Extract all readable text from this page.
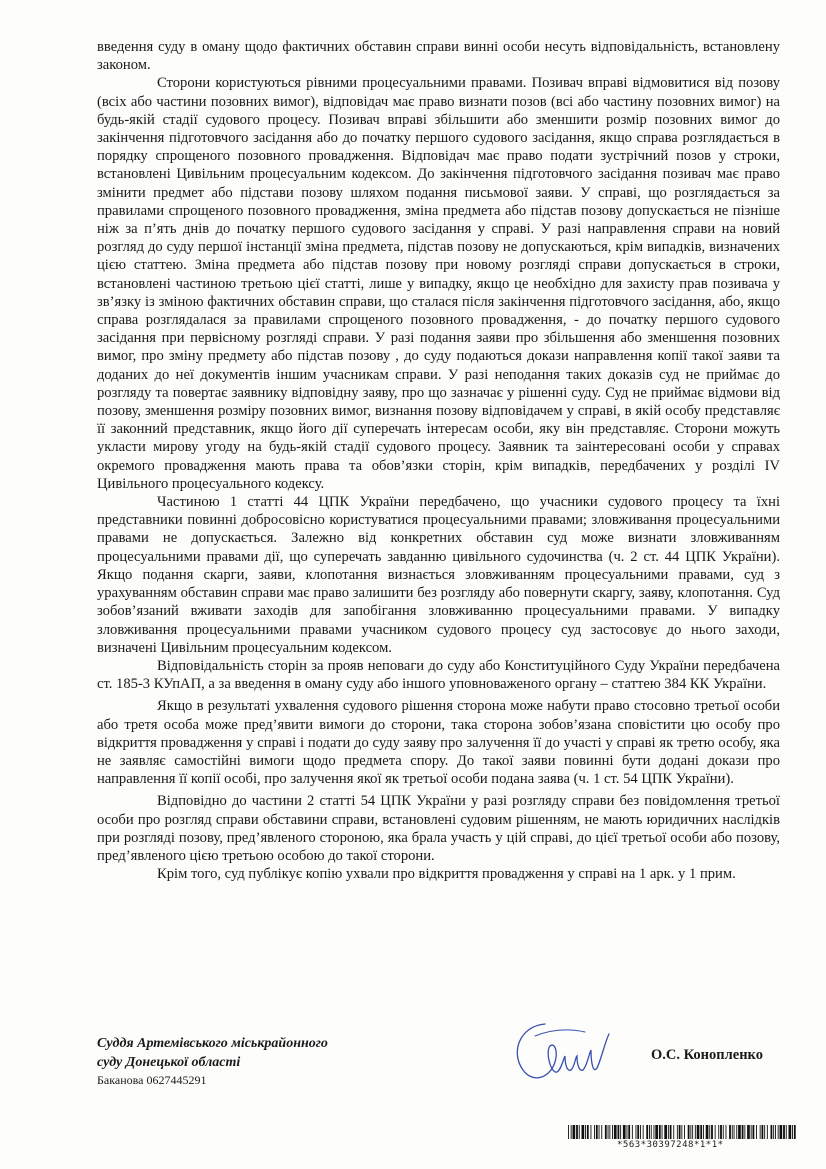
введення суду в оману щодо фактичних обставин справи винні особи несуть відповідальність, встановлену законом.

Сторони користуються рівними процесуальними правами. Позивач вправі відмовитися від позову (всіх або частини позовних вимог), відповідач має право визнати позов (всі або частину позовних вимог) на будь-якій стадії судового процесу. Позивач вправі збільшити або зменшити розмір позовних вимог до закінчення підготовчого засідання або до початку першого судового засідання, якщо справа розглядається в порядку спрощеного позовного провадження. Відповідач має право подати зустрічний позов у строки, встановлені Цивільним процесуальним кодексом. До закінчення підготовчого засідання позивач має право змінити предмет або підстави позову шляхом подання письмової заяви. У справі, що розглядається за правилами спрощеного позовного провадження, зміна предмета або підстав позову допускається не пізніше ніж за п’ять днів до початку першого судового засідання у справі. У разі направлення справи на новий розгляд до суду першої інстанції зміна предмета, підстав позову не допускаються, крім випадків, визначених цією статтею. Зміна предмета або підстав позову при новому розгляді справи допускається в строки, встановлені частиною третьою цієї статті, лише у випадку, якщо це необхідно для захисту прав позивача у зв’язку із зміною фактичних обставин справи, що сталася після закінчення підготовчого засідання, або, якщо справа розглядалася за правилами спрощеного позовного провадження, - до початку першого судового засідання при первісному розгляді справи. У разі подання заяви про збільшення або зменшення позовних вимог, про зміну предмету або підстав позову , до суду подаються докази направлення копії такої заяви та доданих до неї документів іншим учасникам справи. У разі неподання таких доказів суд не приймає до розгляду та повертає заявнику відповідну заяву, про що зазначає у рішенні суду. Суд не приймає відмови від позову, зменшення розміру позовних вимог, визнання позову відповідачем у справі, в якій особу представляє її законний представник, якщо його дії суперечать інтересам особи, яку він представляє. Сторони можуть укласти мирову угоду на будь-якій стадії судового процесу. Заявник та заінтересовані особи у справах окремого провадження мають права та обов’язки сторін, крім випадків, передбачених у розділі IV Цивільного процесуального кодексу.

Частиною 1 статті 44 ЦПК України передбачено, що учасники судового процесу та їхні представники повинні добросовісно користуватися процесуальними правами; зловживання процесуальними правами не допускається. Залежно від конкретних обставин суд може визнати зловживанням процесуальними правами дії, що суперечать завданню цивільного судочинства (ч. 2 ст. 44 ЦПК України). Якщо подання скарги, заяви, клопотання визнається зловживанням процесуальними правами, суд з урахуванням обставин справи має право залишити без розгляду або повернути скаргу, заяву, клопотання. Суд зобов’язаний вживати заходів для запобігання зловживанню процесуальними правами. У випадку зловживання процесуальними правами учасником судового процесу суд застосовує до нього заходи, визначені Цивільним процесуальним кодексом.

Відповідальність сторін за прояв неповаги до суду або Конституційного Суду України передбачена ст. 185-3 КУпАП, а за введення в оману суду або іншого уповноваженого органу – статтею 384 КК України.

Якщо в результаті ухвалення судового рішення сторона може набути право стосовно третьої особи або третя особа може пред’явити вимоги до сторони, така сторона зобов’язана сповістити цю особу про відкриття провадження у справі і подати до суду заяву про залучення її до участі у справі як третю особу, яка не заявляє самостійні вимоги щодо предмета спору. До такої заяви повинні бути додані докази про направлення її копії особі, про залучення якої як третьої особи подана заява (ч. 1 ст. 54 ЦПК України).

Відповідно до частини 2 статті 54 ЦПК України у разі розгляду справи без повідомлення третьої особи про розгляд справи обставини справи, встановлені судовим рішенням, не мають юридичних наслідків при розгляді позову, пред’явленого стороною, яка брала участь у цій справі, до цієї третьої особи або позову, пред’явленого цією третьою особою до такої сторони.

Крім того, суд публікує копію ухвали про відкриття провадження у справі на 1 арк. у 1 прим.

Суддя Артемівського міськрайонного
суду Донецької області
Баканова 0627445291
О.С. Конопленко
*563*30397248*1*1*
